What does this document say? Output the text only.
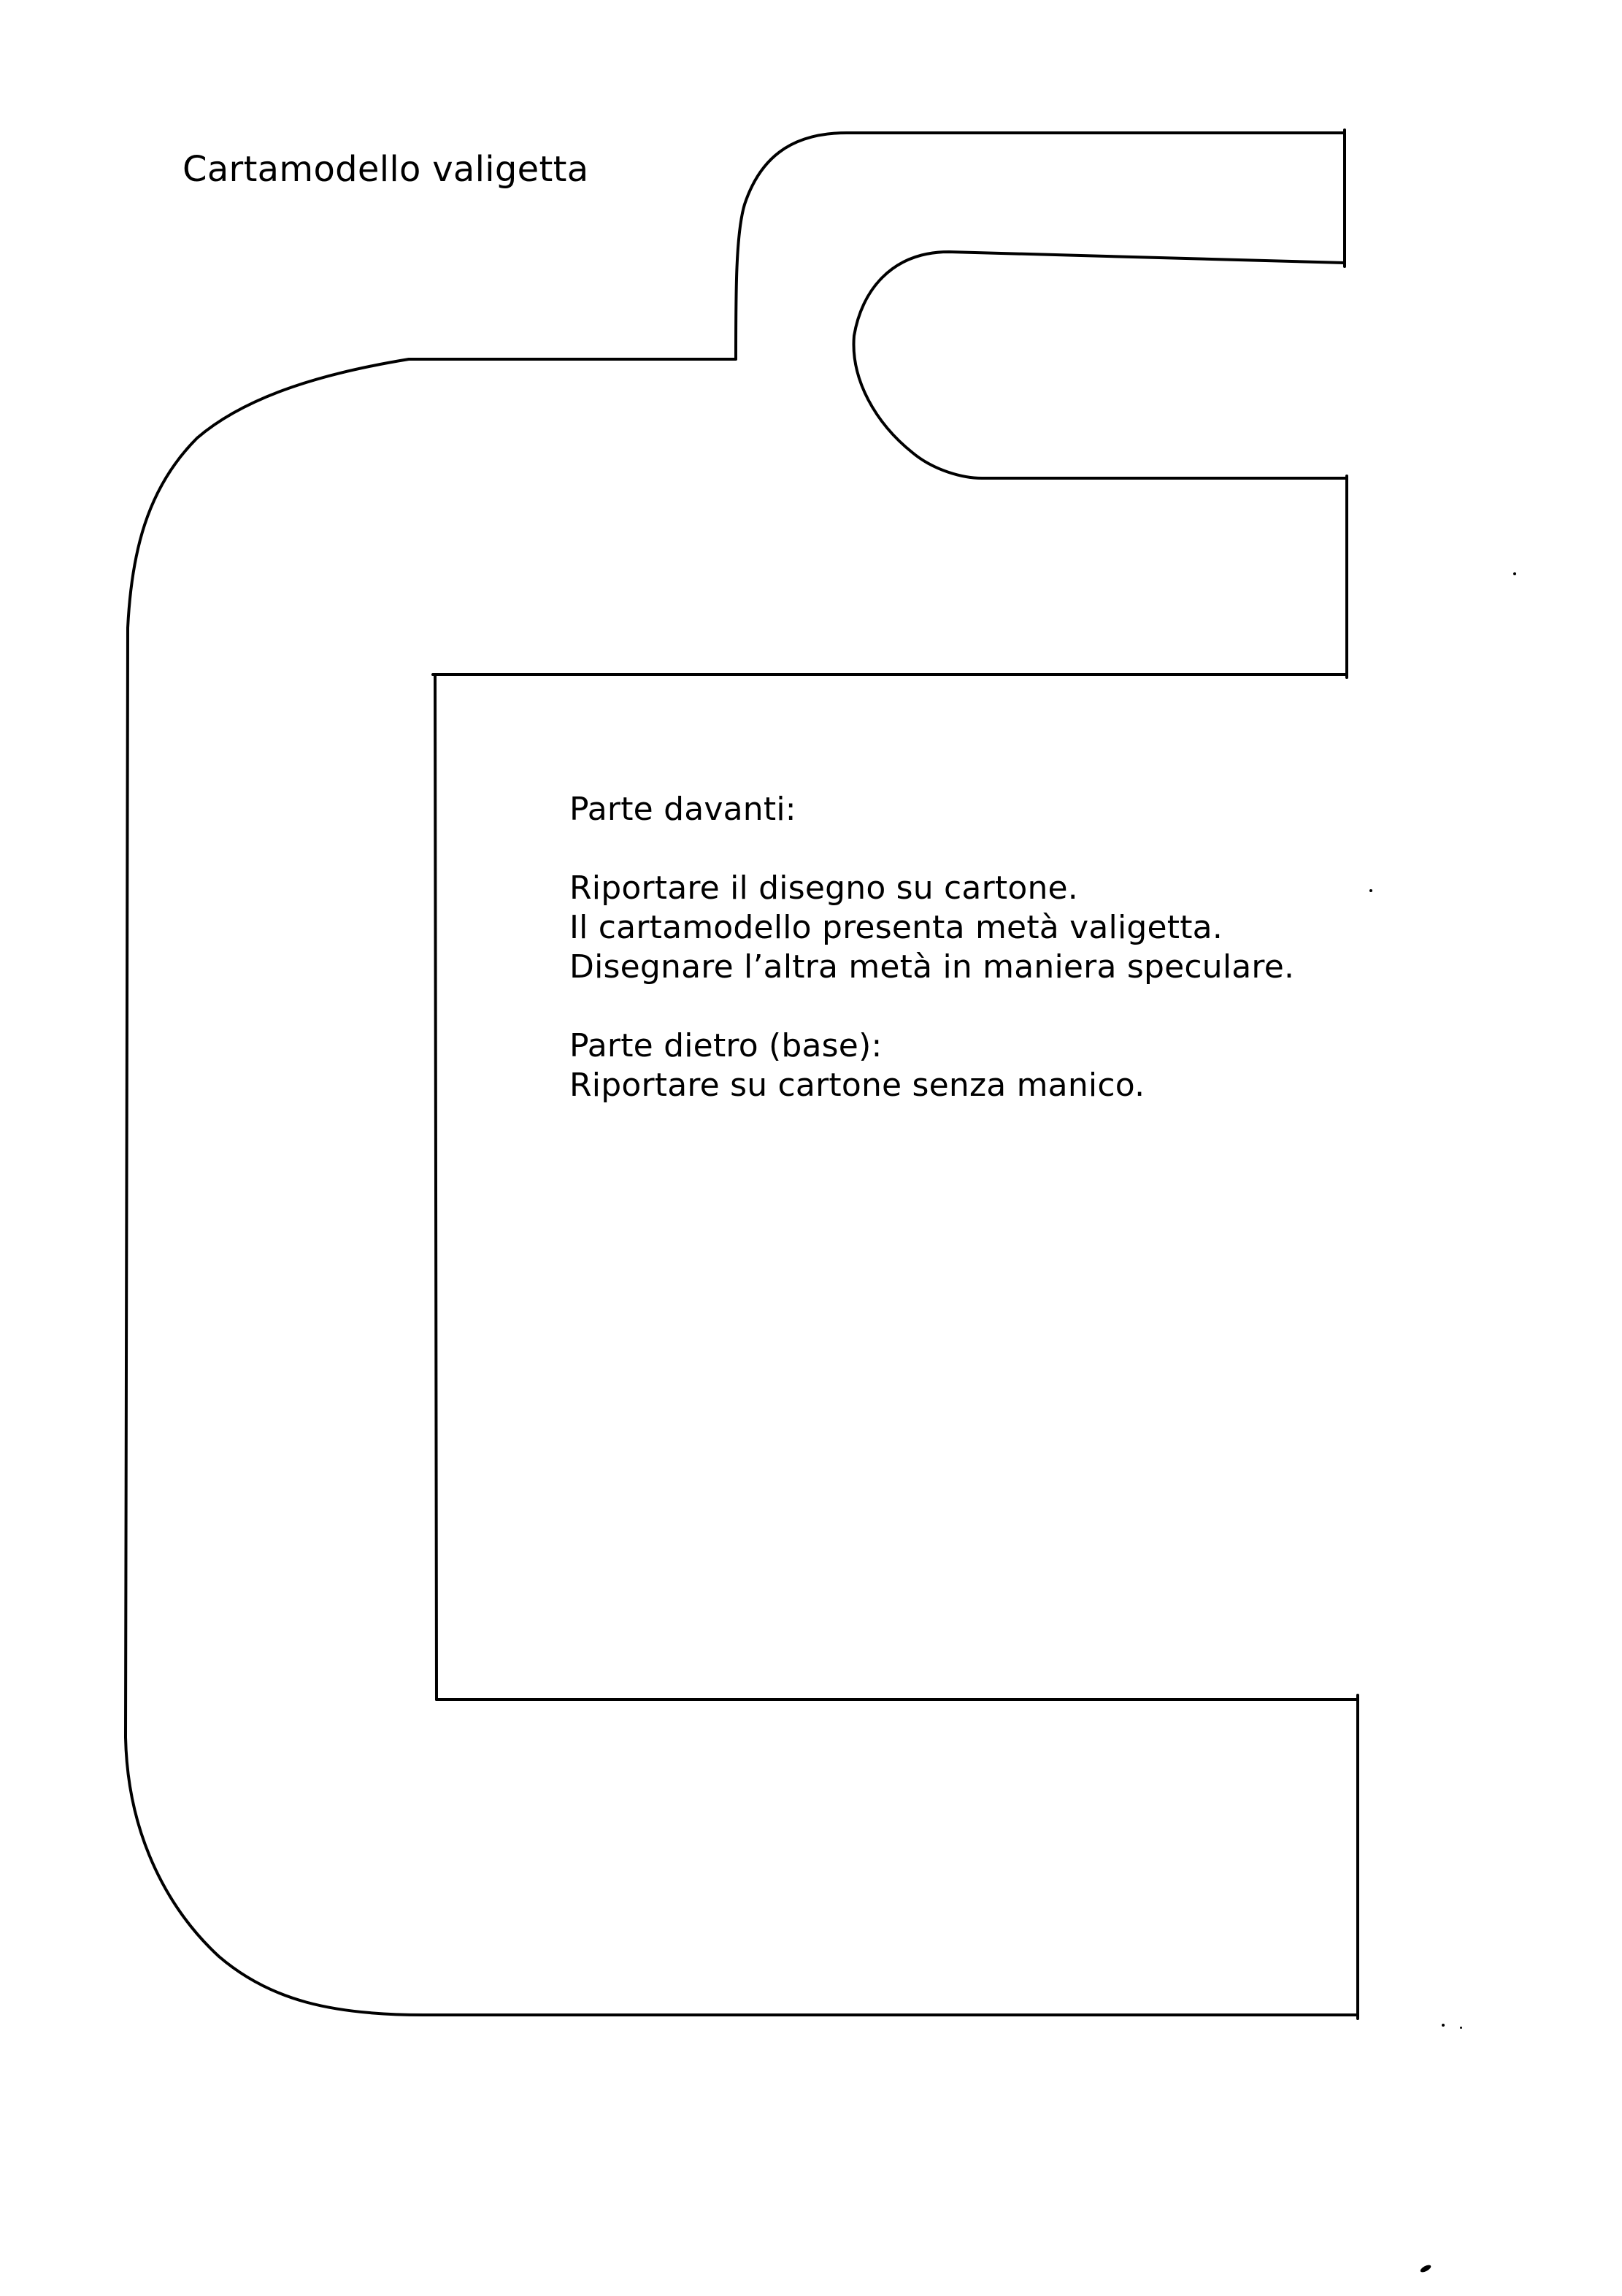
Cartamodello valigetta
Parte davanti:
Riportare il disegno su cartone.
Il cartamodello presenta metà valigetta.
Disegnare l’altra metà in maniera speculare.
Parte dietro (base):
Riportare su cartone senza manico.
